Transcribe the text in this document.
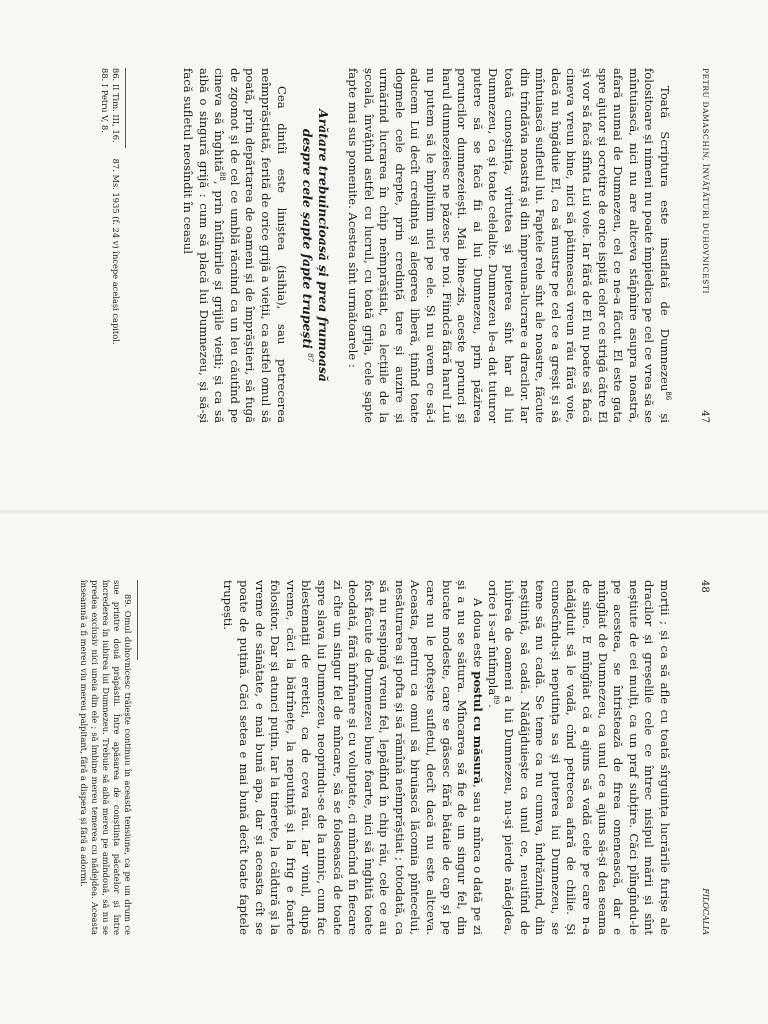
PETRU DAMASCHIN, ÎNVĂȚĂTURI DUHOVNICEȘTI
47

Toată Scriptura este insuflată de Dumnezeu$^{86}$ și folositoare și nimeni nu poate împiedica pe cel ce vrea să se mîntuiască, nici nu are altceva stăpînire asupra noastră, afară numai de Dumnezeu, cel ce ne-a făcut. El este gata spre ajutor și ocrotire de orice ispită celor ce strigă către El și vor să facă sfînta Lui voie. Iar fără de El nu poate să facă cineva vreun bine, nici să pătimească vreun rău fără voie, dacă nu îngăduie El, ca să mustre pe cel ce a greșit și să mîntuiască sufletul lui. Faptele rele sînt ale noastre, făcute din trîndăvia noastră și din împreuna-lucrare a dracilor. Iar toată cunoștința, virtutea și puterea sînt har al lui Dumnezeu, ca și toate celelalte. Dumnezeu le-a dat tuturor putere să se facă fii ai lui Dumnezeu, prin păzirea poruncilor dumnezeiești. Mai bine-zis, aceste porunci și harul dumnezeiesc ne păzesc pe noi. Fiindcă fără harul Lui nu putem să le împlinim nici pe ele. Și nu avem ce să-i aducem Lui decît credința și alegerea liberă, ținînd toate dogmele cele drepte, prin credință tare și auzire și urmărind lucrarea în chip neîmprăștiat, ca lecțiile de la școală, învățînd astfel cu lucrul, cu toată grija, cele șapte fapte mai sus pomenite. Acestea sînt următoarele :

Arătare trebuincioasă și prea frumoasă
despre cele șapte fapte trupești $^{87}$

Cea dintîi este liniștea (isihia), sau petrecerea neîmprăștiată, ferită de orice grijă a vieții, ca astfel omul să poată, prin depărtarea de oameni și de împrăștieri, să fugă de zgomot și de cel ce umblă răcnind ca un leu căutînd pe cineva să înghită$^{88}$, prin întîlnirile și grijile vieții; și ca să aibă o singură grijă : cum să placă lui Dumnezeu, și să-și facă sufletul neosîndit în ceasul

86. II Tim. III, 16.
87. Ms. 1935 (f. 24 v) începe același capitol.
88. I Petru V, 8.
48
FILOCALIA

morții ; și ca să afle cu toată sîrguința lucrările furișe ale dracilor și greșelile cele ce întrec nisipul mării și sînt neștiute de cei mulți, ca un praf subțire. Căci plîngîndu-le pe acestea, se întristează de firea omenească, dar e mîngîiat de Dumnezeu, ca unul ce a ajuns să-și dea seama de sine. E mîngîiat că a ajuns să vadă cele pe care n-a nădăjduit să le vadă, cînd petrecea afară de chilie. Și cunoscîndu-și neputința sa și puterea lui Dumnezeu, se teme să nu cadă. Se teme ca nu cumva, îndrăznind, din neștiință, să cadă. Nădăjduiește ca unul ce, neuitînd de iubirea de oameni a lui Dumnezeu, nu-și pierde nădejdea, orice i s-ar întîmpla$^{89}$.

A doua este postul cu măsură, sau a mînca o dată pe zi și a nu se sătura. Mîncarea să fie de un singur fel, din bucate modeste, care se găsesc fără bătaie de cap și pe care nu le poftește sufletul, decît dacă nu este altceva. Aceasta, pentru ca omul să biruiască lăcomia pîntecelui, nesăturarea și pofta și să rămînă neîmprăștiat ; totodată, ca să nu respingă vreun fel, lepădînd în chip rău, cele ce au fost făcute de Dumnezeu bune foarte, nici să înghită toate deodată, fără înfrînare și cu voluptate, ci mîncînd în fiecare zi cîte un singur fel de mîncare, să se folosească de toate spre slava lui Dumnezeu, neoprindu-se de la nimic, cum fac blestemații de eretici, ca de ceva rău. Iar vinul, după vreme, căci la bătrînețe, la neputință și la frig e foarte folositor. Dar și atunci puțin. Iar la tinerețe, la căldură și la vreme de sănătate, e mai bună apa, dar și aceasta cît se poate de puțină. Căci setea e mai bună decît toate faptele trupești.

89. Omul duhovnicesc trăiește continuu în această tensiune, ca pe un drum ce sue printre două prăpăstii. Între apăsarea de conștiința păcatelor și între încrederea în iubirea lui Dumnezeu. Trebuie să aibă mereu pe amîndouă, să nu se predea exclusiv nici uneia din ele ; să îmbine mereu temerea cu nădejdea. Aceasta înseamnă a fi mereu viu mereu palpitant, fără a dispera și fără a adormi.
